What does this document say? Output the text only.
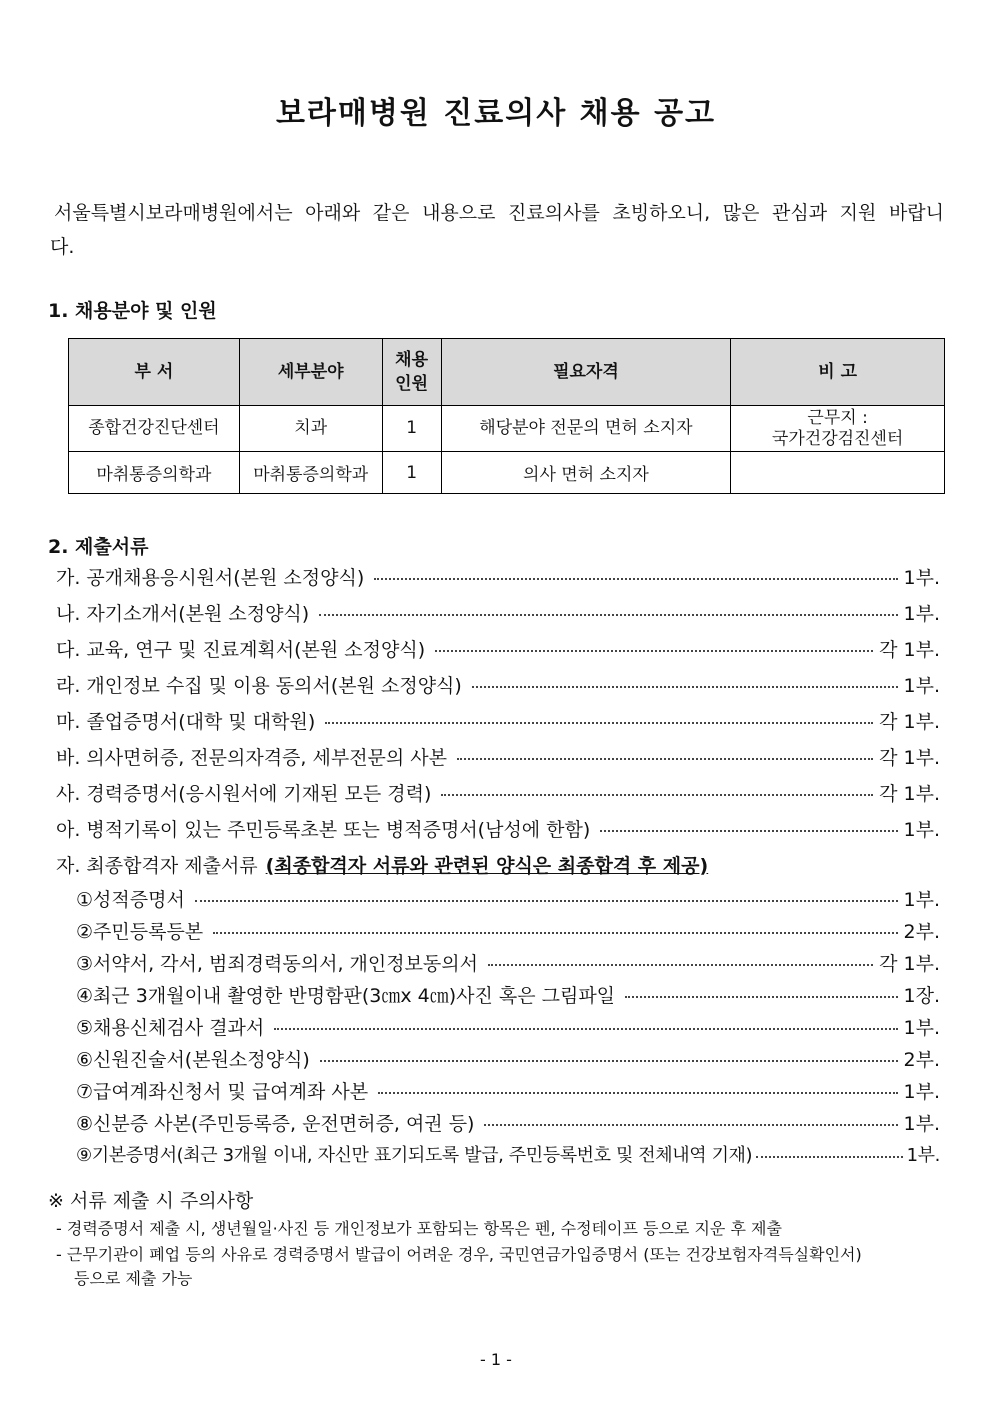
보라매병원 진료의사 채용 공고
서울특별시보라매병원에서는 아래와 같은 내용으로 진료의사를 초빙하오니, 많은 관심과 지원 바랍니다.
1. 채용분야 및 인원
부 서	세부분야	채용 인원	필요자격	비 고
종합건강진단센터	치과	1	해당분야 전문의 면허 소지자	근무지 :
국가건강검진센터

마취통증의학과	마취통증의학과	1	의사 면허 소지자	
2. 제출서류
가. 공개채용응시원서(본원 소정양식)	1부.
나. 자기소개서(본원 소정양식)	1부.
다. 교육, 연구 및 진료계획서(본원 소정양식)	각 1부.
라. 개인정보 수집 및 이용 동의서(본원 소정양식)	1부.
마. 졸업증명서(대학 및 대학원)	각 1부.
바. 의사면허증, 전문의자격증, 세부전문의 사본	각 1부.
사. 경력증명서(응시원서에 기재된 모든 경력)	각 1부.
아. 병적기록이 있는 주민등록초본 또는 병적증명서(남성에 한함)	1부.
자. 최종합격자 제출서류 (최종합격자 서류와 관련된 양식은 최종합격 후 제공)
①성적증명서	1부.
②주민등록등본	2부.
③서약서, 각서, 범죄경력동의서, 개인정보동의서	각 1부.
④최근 3개월이내 촬영한 반명함판(3㎝x 4㎝)사진 혹은 그림파일	1장.
⑤채용신체검사 결과서	1부.
⑥신원진술서(본원소정양식)	2부.
⑦급여계좌신청서 및 급여계좌 사본	1부.
⑧신분증 사본(주민등록증, 운전면허증, 여권 등)	1부.
⑨기본증명서(최근 3개월 이내, 자신만 표기되도록 발급, 주민등록번호 및 전체내역 기재)	1부.
※ 서류 제출 시 주의사항
- 경력증명서 제출 시, 생년월일·사진 등 개인정보가 포함되는 항목은 펜, 수정테이프 등으로 지운 후 제출
- 근무기관이 폐업 등의 사유로 경력증명서 발급이 어려운 경우, 국민연금가입증명서 (또는 건강보험자격득실확인서)
등으로 제출 가능
- 1 -
